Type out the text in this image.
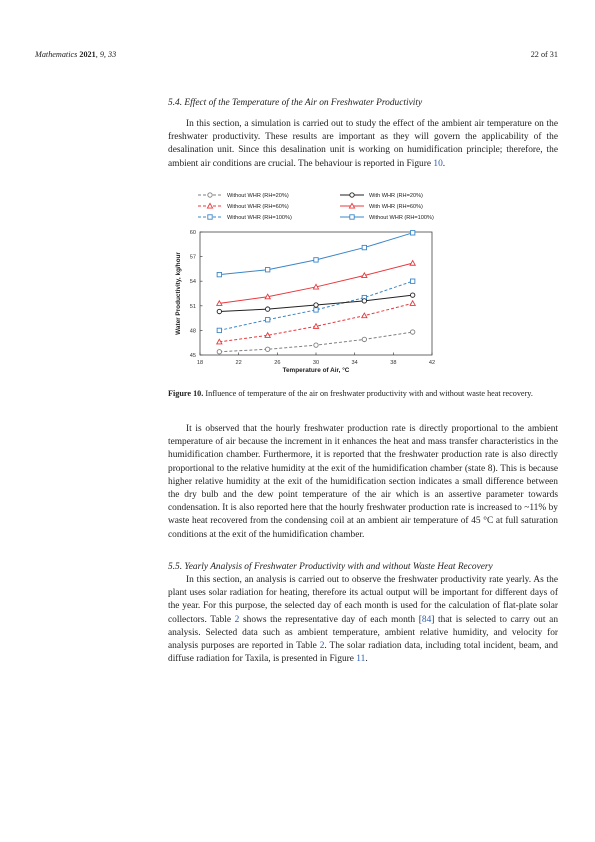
Mathematics 2021, 9, 33	22 of 31
5.4. Effect of the Temperature of the Air on Freshwater Productivity

In this section, a simulation is carried out to study the effect of the ambient air temperature on the freshwater productivity. These results are important as they will govern the applicability of the desalination unit. Since this desalination unit is working on humidification principle; therefore, the ambient air conditions are crucial. The behaviour is reported in Figure 10.

18	22	26	30	34	38	42
45
48
51
54
57
60
Temperature of Air, °C
Water Productivity, kg/hour
Without WHR (RH=20%)
Without WHR (RH=60%)
Without WHR (RH=100%)
With WHR (RH=20%)
With WHR (RH=60%)
Without WHR (RH=100%)

Figure 10. Influence of temperature of the air on freshwater productivity with and without waste heat recovery.

It is observed that the hourly freshwater production rate is directly proportional to the ambient temperature of air because the increment in it enhances the heat and mass transfer characteristics in the humidification chamber. Furthermore, it is reported that the freshwater production rate is also directly proportional to the relative humidity at the exit of the humidification chamber (state 8). This is because higher relative humidity at the exit of the humidification section indicates a small difference between the dry bulb and the dew point temperature of the air which is an assertive parameter towards condensation. It is also reported here that the hourly freshwater production rate is increased to ~11% by waste heat recovered from the condensing coil at an ambient air temperature of 45 °C at full saturation conditions at the exit of the humidification chamber.

5.5. Yearly Analysis of Freshwater Productivity with and without Waste Heat Recovery

In this section, an analysis is carried out to observe the freshwater productivity rate yearly. As the plant uses solar radiation for heating, therefore its actual output will be important for different days of the year. For this purpose, the selected day of each month is used for the calculation of flat-plate solar collectors. Table 2 shows the representative day of each month [84] that is selected to carry out an analysis. Selected data such as ambient temperature, ambient relative humidity, and velocity for analysis purposes are reported in Table 2. The solar radiation data, including total incident, beam, and diffuse radiation for Taxila, is presented in Figure 11.
